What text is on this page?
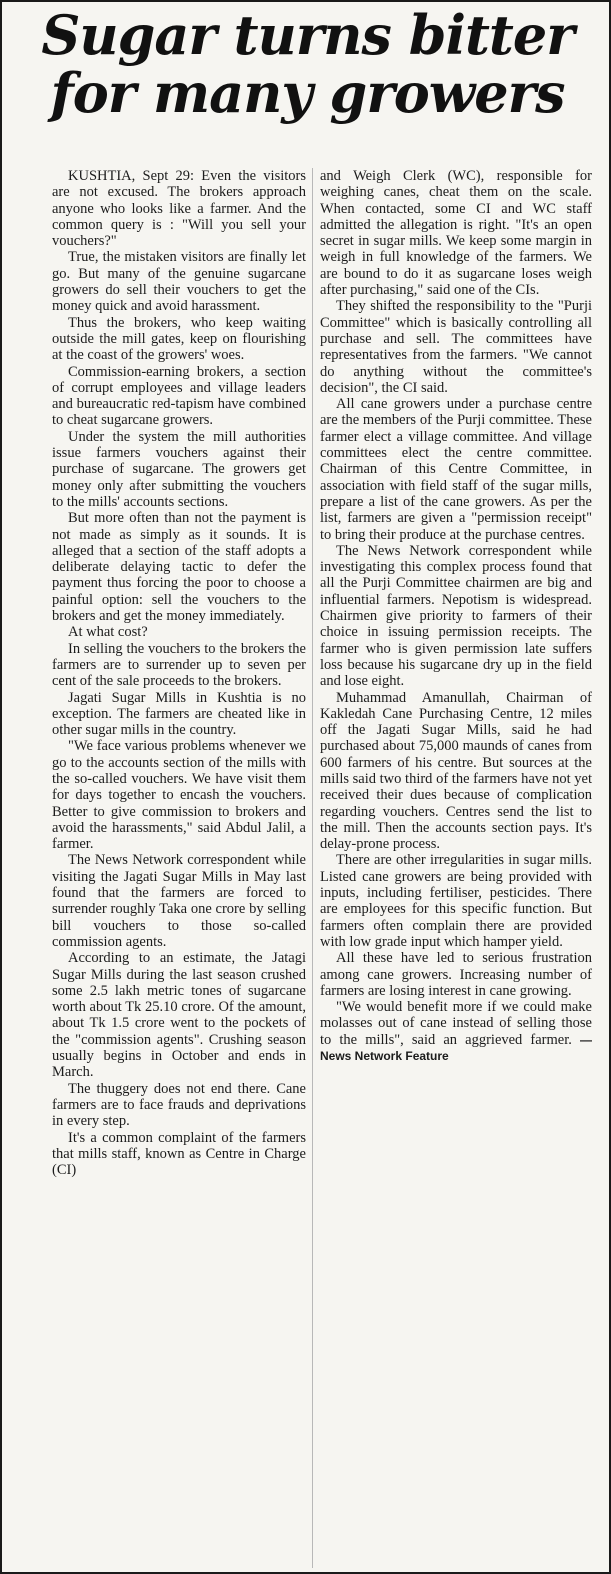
Sugar turns bitter
for many growers

KUSHTIA, Sept 29: Even the visitors are not excused. The brokers approach anyone who looks like a farmer. And the common query is : "Will you sell your vouchers?"

True, the mistaken visitors are finally let go. But many of the genuine sugarcane growers do sell their vouchers to get the money quick and avoid harassment.

Thus the brokers, who keep waiting outside the mill gates, keep on flourishing at the coast of the growers' woes.

Commission-earning brokers, a section of corrupt employees and village leaders and bureaucratic red-tapism have combined to cheat sugarcane growers.

Under the system the mill authorities issue farmers vouchers against their purchase of sugarcane. The growers get money only after submitting the vouchers to the mills' accounts sections.

But more often than not the payment is not made as simply as it sounds. It is alleged that a section of the staff adopts a deliberate delaying tactic to defer the payment thus forcing the poor to choose a painful option: sell the vouchers to the brokers and get the money immediately.

At what cost?

In selling the vouchers to the brokers the farmers are to surrender up to seven per cent of the sale proceeds to the brokers.

Jagati Sugar Mills in Kushtia is no exception. The farmers are cheated like in other sugar mills in the country.

"We face various problems whenever we go to the accounts section of the mills with the so-called vouchers. We have visit them for days together to encash the vouchers. Better to give commission to brokers and avoid the harassments," said Abdul Jalil, a farmer.

The News Network correspondent while visiting the Jagati Sugar Mills in May last found that the farmers are forced to surrender roughly Taka one crore by selling bill vouchers to those so-called commission agents.

According to an estimate, the Jatagi Sugar Mills during the last season crushed some 2.5 lakh metric tones of sugarcane worth about Tk 25.10 crore. Of the amount, about Tk 1.5 crore went to the pockets of the "commission agents". Crushing season usually begins in October and ends in March.

The thuggery does not end there. Cane farmers are to face frauds and deprivations in every step.

It's a common complaint of the farmers that mills staff, known as Centre in Charge (CI)

and Weigh Clerk (WC), responsible for weighing canes, cheat them on the scale. When contacted, some CI and WC staff admitted the allegation is right. "It's an open secret in sugar mills. We keep some margin in weigh in full knowledge of the farmers. We are bound to do it as sugarcane loses weigh after purchasing," said one of the CIs.

They shifted the responsibility to the "Purji Committee" which is basically controlling all purchase and sell. The committees have representatives from the farmers. "We cannot do anything without the committee's decision", the CI said.

All cane growers under a purchase centre are the members of the Purji committee. These farmer elect a village committee. And village committees elect the centre committee. Chairman of this Centre Committee, in association with field staff of the sugar mills, prepare a list of the cane growers. As per the list, farmers are given a "permission receipt" to bring their produce at the purchase centres.

The News Network correspondent while investigating this complex process found that all the Purji Committee chairmen are big and influential farmers. Nepotism is widespread. Chairmen give priority to farmers of their choice in issuing permission receipts. The farmer who is given permission late suffers loss because his sugarcane dry up in the field and lose eight.

Muhammad Amanullah, Chairman of Kakledah Cane Purchasing Centre, 12 miles off the Jagati Sugar Mills, said he had purchased about 75,000 maunds of canes from 600 farmers of his centre. But sources at the mills said two third of the farmers have not yet received their dues because of complication regarding vouchers. Centres send the list to the mill. Then the accounts section pays. It's delay-prone process.

There are other irregularities in sugar mills. Listed cane growers are being provided with inputs, including fertiliser, pesticides. There are employees for this specific function. But farmers often complain there are provided with low grade input which hamper yield.

All these have led to serious frustration among cane growers. Increasing number of farmers are losing interest in cane growing.

"We would benefit more if we could make molasses out of cane instead of selling those to the mills", said an aggrieved farmer. — News Network Feature
